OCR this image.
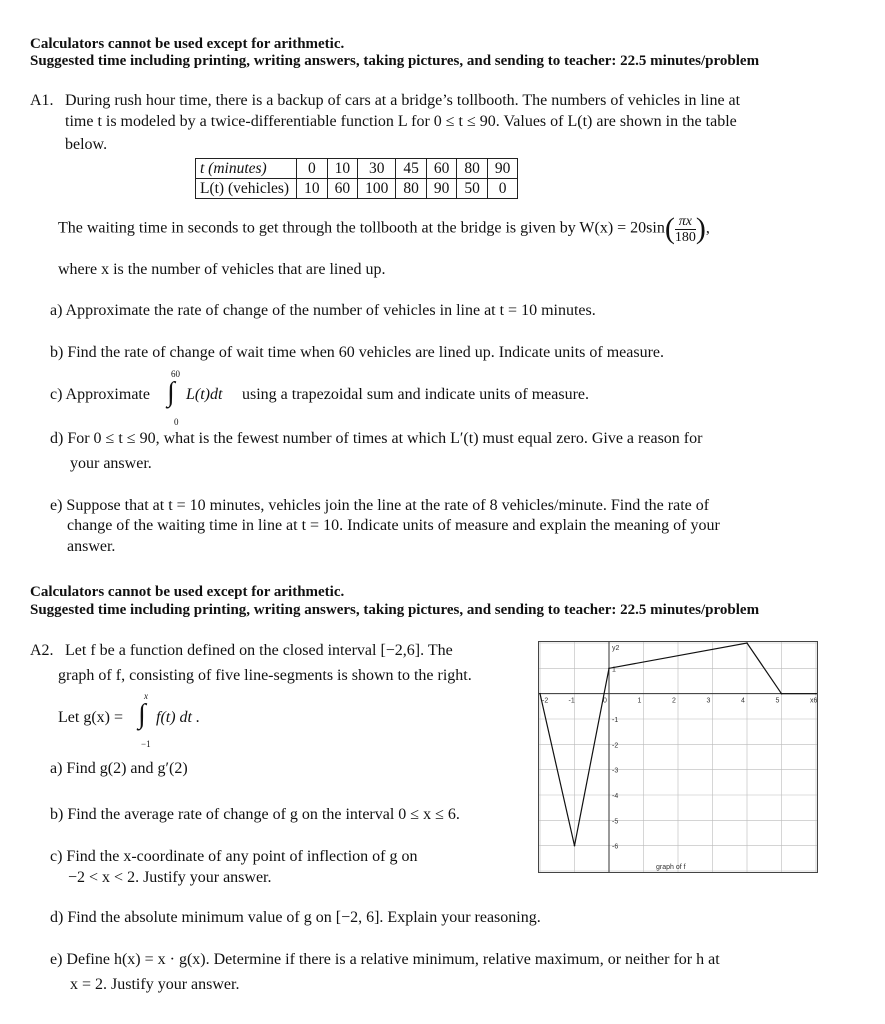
Calculators cannot be used except for arithmetic.
Suggested time including printing, writing answers, taking pictures, and sending to teacher: 22.5 minutes/problem
A1. During rush hour time, there is a backup of cars at a bridge’s tollbooth. The numbers of vehicles in line at
time t is modeled by a twice-differentiable function L for 0 ≤ t ≤ 90. Values of L(t) are shown in the table
below.
t (minutes)	0	10	30	45	60	80	90
L(t) (vehicles)	10	60	100	80	90	50	0
The waiting time in seconds to get through the tollbooth at the bridge is given by $W(x) = 20\sin( \frac{\pi x}{180}$ ),
where x is the number of vehicles that are lined up.
a) Approximate the rate of change of the number of vehicles in line at t = 10 minutes.
b) Find the rate of change of wait time when 60 vehicles are lined up. Indicate units of measure.
c) Approximate
60
∫
0
L(t)dt using a trapezoidal sum and indicate units of measure.
d) For 0 ≤ t ≤ 90, what is the fewest number of times at which L′(t) must equal zero. Give a reason for
your answer.
e) Suppose that at t = 10 minutes, vehicles join the line at the rate of 8 vehicles/minute. Find the rate of
change of the waiting time in line at t = 10. Indicate units of measure and explain the meaning of your
answer.
Calculators cannot be used except for arithmetic.
Suggested time including printing, writing answers, taking pictures, and sending to teacher: 22.5 minutes/problem
A2. Let f be a function defined on the closed interval [−2,6]. The
graph of f, consisting of five line-segments is shown to the right.
Let g(x) =
x
∫
−1
f(t) dt .
a) Find g(2) and g′(2)
b) Find the average rate of change of g on the interval 0 ≤ x ≤ 6.
c) Find the x-coordinate of any point of inflection of g on
−2 < x < 2. Justify your answer.
d) Find the absolute minimum value of g on [−2, 6]. Explain your reasoning.
e) Define h(x) = x · g(x). Determine if there is a relative minimum, relative maximum, or neither for h at
x = 2. Justify your answer.
-2	-1	0	1	2	3	4	5	x6
y2
1
-1
-2
-3
-4
-5
-6
graph of f
